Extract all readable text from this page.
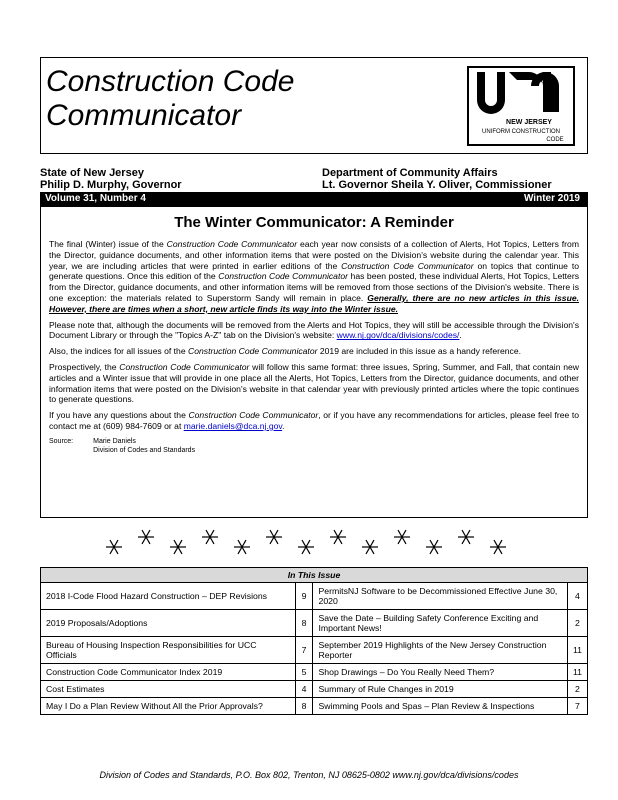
Construction Code
Communicator	NEW JERSEY
UNIFORM CONSTRUCTION
CODE
State of New Jersey
Philip D. Murphy, Governor
Department of Community Affairs
Lt. Governor Sheila Y. Oliver, Commissioner
Volume 31, Number 4	Winter 2019
The Winter Communicator: A Reminder

The final (Winter) issue of the Construction Code Communicator each year now consists of a collection of Alerts, Hot Topics, Letters from the Director, guidance documents, and other information items that were posted on the Division's website during the calendar year. This year, we are including articles that were printed in earlier editions of the Construction Code Communicator on topics that continue to generate questions. Once this edition of the Construction Code Communicator has been posted, these individual Alerts, Hot Topics, Letters from the Director, guidance documents, and other information items will be removed from those sections of the Division's website. There is one exception: the materials related to Superstorm Sandy will remain in place. Generally, there are no new articles in this issue. However, there are times when a short, new article finds its way into the Winter issue.

Please note that, although the documents will be removed from the Alerts and Hot Topics, they will still be accessible through the Division's Document Library or through the "Topics A-Z" tab on the Division's website: www.nj.gov/dca/divisions/codes/.

Also, the indices for all issues of the Construction Code Communicator 2019 are included in this issue as a handy reference.

Prospectively, the Construction Code Communicator will follow this same format: three issues, Spring, Summer, and Fall, that contain new articles and a Winter issue that will provide in one place all the Alerts, Hot Topics, Letters from the Director, guidance documents, and other information items that were posted on the Division's website in that calendar year with previously printed articles where the topic continues to generate questions.

If you have any questions about the Construction Code Communicator, or if you have any recommendations for articles, please feel free to contact me at (609) 984-7609 or at marie.daniels@dca.nj.gov.

Source:	Marie Daniels
Division of Codes and Standards
In This Issue			
2018 I-Code Flood Hazard Construction – DEP Revisions	9	PermitsNJ Software to be Decommissioned Effective June 30, 2020	4
2019 Proposals/Adoptions	8	Save the Date – Building Safety Conference Exciting and Important News!	2
Bureau of Housing Inspection Responsibilities for UCC Officials	7	September 2019 Highlights of the New Jersey Construction Reporter	11
Construction Code Communicator Index 2019	5	Shop Drawings – Do You Really Need Them?	11
Cost Estimates	4	Summary of Rule Changes in 2019	2
May I Do a Plan Review Without All the Prior Approvals?	8	Swimming Pools and Spas – Plan Review & Inspections	7
Division of Codes and Standards, P.O. Box 802, Trenton, NJ 08625-0802 www.nj.gov/dca/divisions/codes
